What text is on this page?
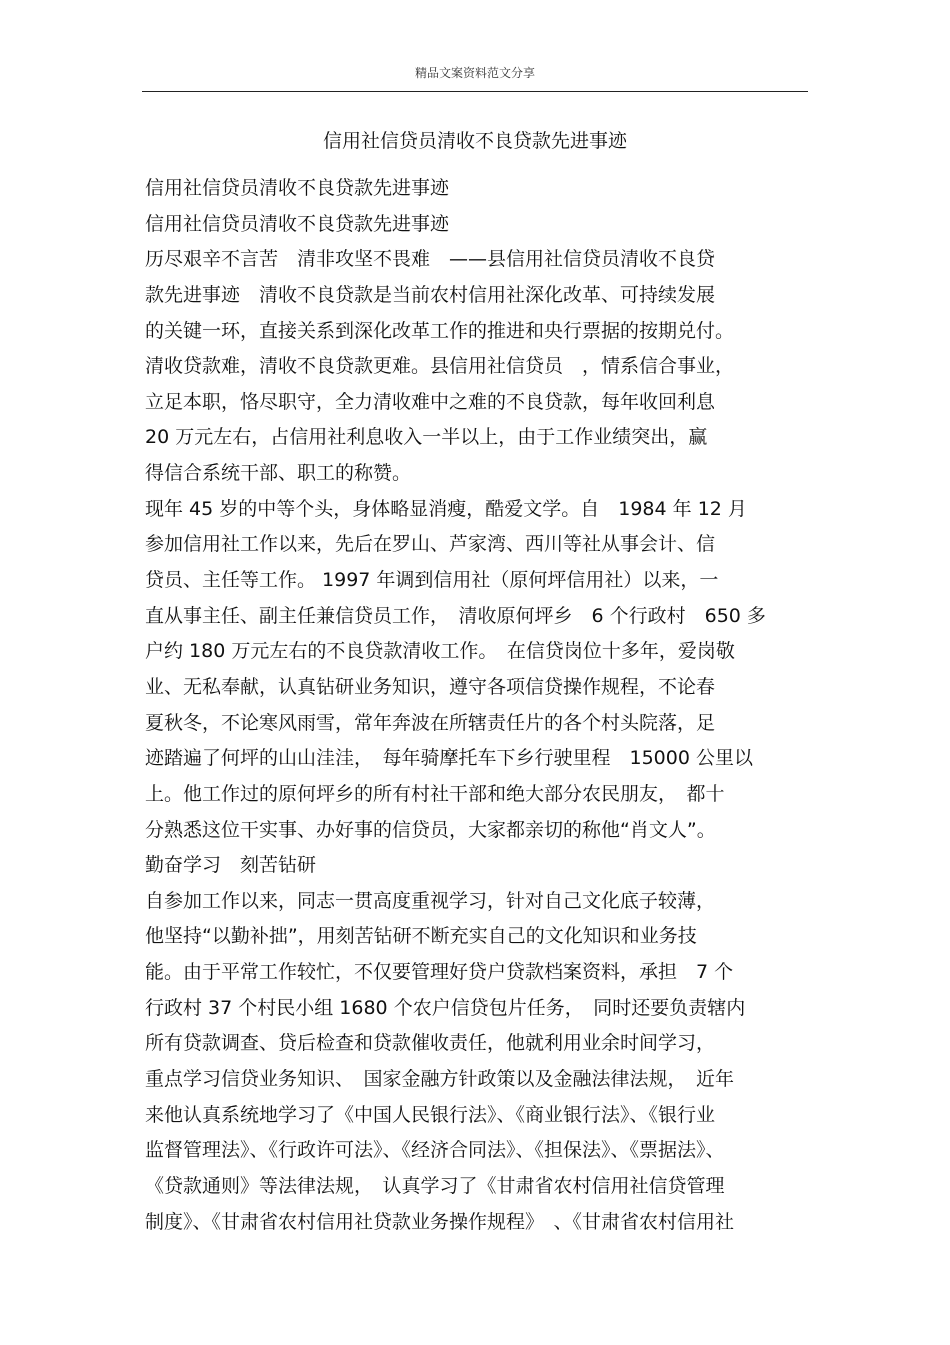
精品文案资料范文分享
信用社信贷员清收不良贷款先进事迹
信用社信贷员清收不良贷款先进事迹
信用社信贷员清收不良贷款先进事迹
历尽艰辛不言苦　清非攻坚不畏难　——县信用社信贷员清收不良贷
款先进事迹　清收不良贷款是当前农村信用社深化改革、可持续发展
的关键一环，直接关系到深化改革工作的推进和央行票据的按期兑付。
清收贷款难，清收不良贷款更难。县信用社信贷员　，情系信合事业，
立足本职，恪尽职守，全力清收难中之难的不良贷款，每年收回利息
20 万元左右，占信用社利息收入一半以上，由于工作业绩突出，赢
得信合系统干部、职工的称赞。
现年 45 岁的中等个头，身体略显消瘦，酷爱文学。自　1984 年 12 月
参加信用社工作以来，先后在罗山、芦家湾、西川等社从事会计、信
贷员、主任等工作。 1997 年调到信用社（原何坪信用社）以来，一
直从事主任、副主任兼信贷员工作，　清收原何坪乡　6 个行政村　650 多
户约 180 万元左右的不良贷款清收工作。　在信贷岗位十多年，爱岗敬
业、无私奉献，认真钻研业务知识，遵守各项信贷操作规程，不论春
夏秋冬，不论寒风雨雪，常年奔波在所辖责任片的各个村头院落，足
迹踏遍了何坪的山山洼洼，　每年骑摩托车下乡行驶里程　15000 公里以
上。他工作过的原何坪乡的所有村社干部和绝大部分农民朋友，　都十
分熟悉这位干实事、办好事的信贷员，大家都亲切的称他“肖文人”。
勤奋学习　刻苦钻研
自参加工作以来，同志一贯高度重视学习，针对自己文化底子较薄，
他坚持“以勤补拙”，用刻苦钻研不断充实自己的文化知识和业务技
能。由于平常工作较忙，不仅要管理好贷户贷款档案资料，承担　7 个
行政村 37 个村民小组 1680 个农户信贷包片任务，　同时还要负责辖内
所有贷款调查、贷后检查和贷款催收责任，他就利用业余时间学习，
重点学习信贷业务知识、　国家金融方针政策以及金融法律法规，　近年
来他认真系统地学习了《中国人民银行法》、《商业银行法》、《银行业
监督管理法》、《行政许可法》、《经济合同法》、《担保法》、《票据法》、
《贷款通则》等法律法规，　认真学习了《甘肃省农村信用社信贷管理
制度》、《甘肃省农村信用社贷款业务操作规程》　、《甘肃省农村信用社
